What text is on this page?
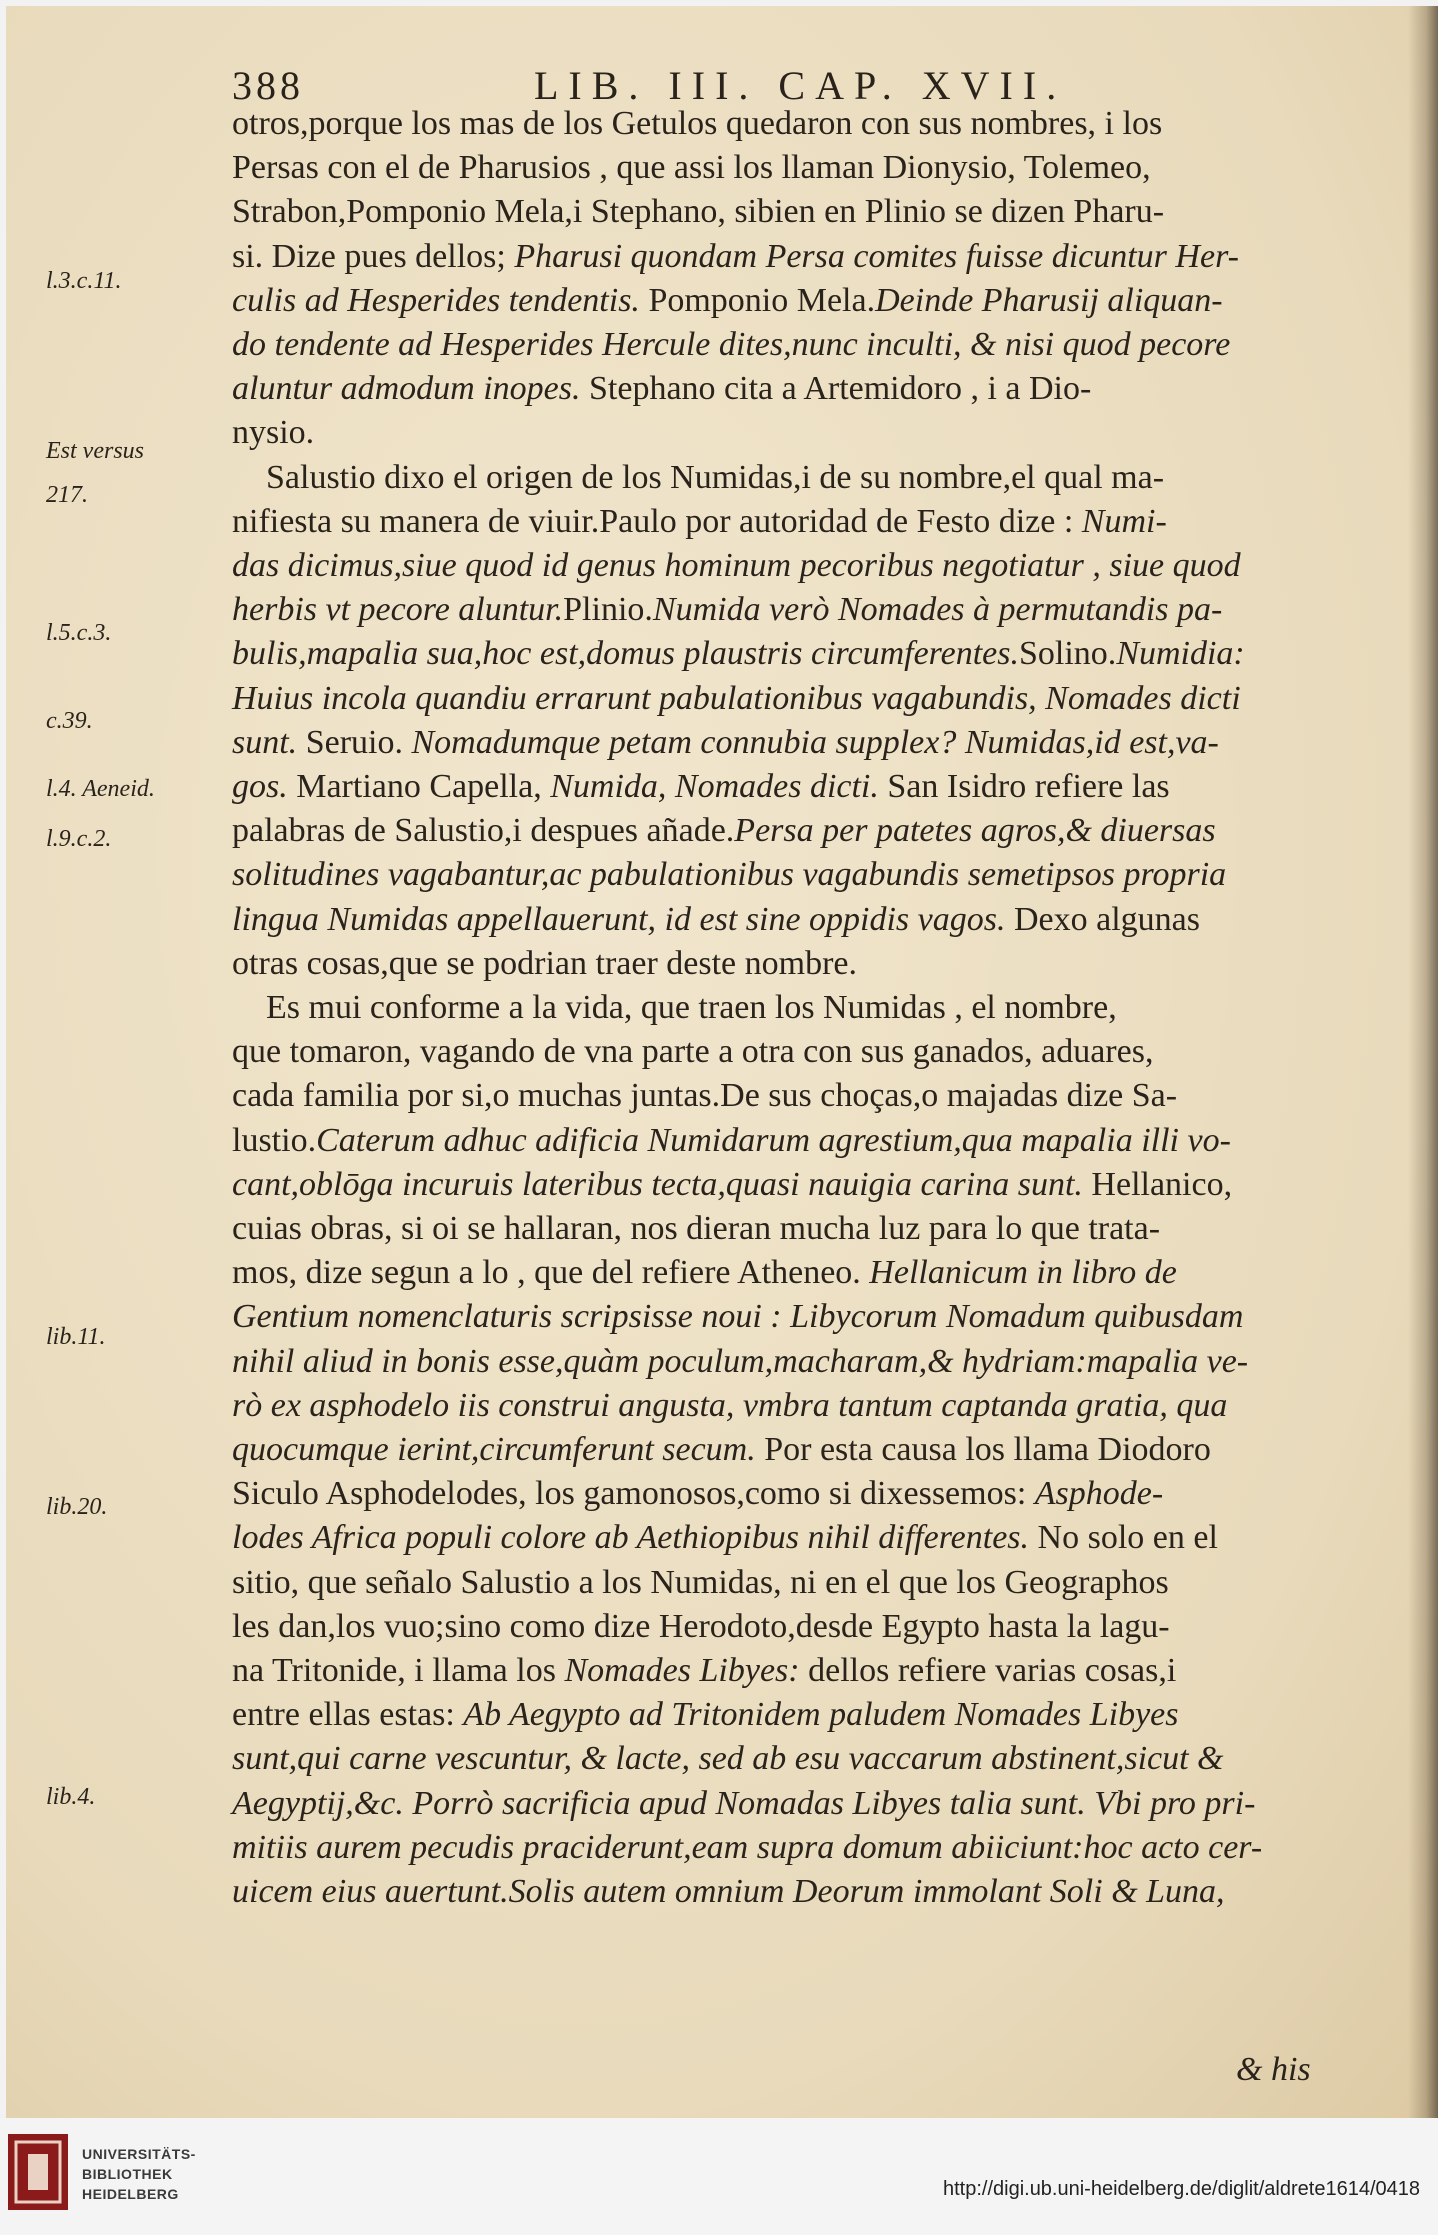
388	LIB. III. CAP. XVII.
l.3.c.11.
Est versus
217.
l.5.c.3.
c.39.
l.4. Aeneid.
l.9.c.2.
lib.11.
lib.20.
lib.4.
otros,porque los mas de los Getulos quedaron con sus nombres, i los
Persas con el de Pharusios , que assi los llaman Dionysio, Tolemeo,
Strabon,Pomponio Mela,i Stephano, sibien en Plinio se dizen Pharu-
si. Dize pues dellos; Pharusi quondam Persa comites fuisse dicuntur Her-
culis ad Hesperides tendentis. Pomponio Mela.Deinde Pharusij aliquan-
do tendente ad Hesperides Hercule dites,nunc inculti, & nisi quod pecore
aluntur admodum inopes. Stephano cita a Artemidoro , i a Dio-
nysio.
Salustio dixo el origen de los Numidas,i de su nombre,el qual ma-
nifiesta su manera de viuir.Paulo por autoridad de Festo dize : Numi-
das dicimus,siue quod id genus hominum pecoribus negotiatur , siue quod
herbis vt pecore aluntur.Plinio.Numida verò Nomades à permutandis pa-
bulis,mapalia sua,hoc est,domus plaustris circumferentes.Solino.Numidia:
Huius incola quandiu errarunt pabulationibus vagabundis, Nomades dicti
sunt. Seruio. Nomadumque petam connubia supplex? Numidas,id est,va-
gos. Martiano Capella, Numida, Nomades dicti. San Isidro refiere las
palabras de Salustio,i despues añade.Persa per patetes agros,& diuersas
solitudines vagabantur,ac pabulationibus vagabundis semetipsos propria
lingua Numidas appellauerunt, id est sine oppidis vagos. Dexo algunas
otras cosas,que se podrian traer deste nombre.
Es mui conforme a la vida, que traen los Numidas , el nombre,
que tomaron, vagando de vna parte a otra con sus ganados, aduares,
cada familia por si,o muchas juntas.De sus choças,o majadas dize Sa-
lustio.Caterum adhuc adificia Numidarum agrestium,qua mapalia illi vo-
cant,oblōga incuruis lateribus tecta,quasi nauigia carina sunt. Hellanico,
cuias obras, si oi se hallaran, nos dieran mucha luz para lo que trata-
mos, dize segun a lo , que del refiere Atheneo. Hellanicum in libro de
Gentium nomenclaturis scripsisse noui : Libycorum Nomadum quibusdam
nihil aliud in bonis esse,quàm poculum,macharam,& hydriam:mapalia ve-
rò ex asphodelo iis construi angusta, vmbra tantum captanda gratia, qua
quocumque ierint,circumferunt secum. Por esta causa los llama Diodoro
Siculo Asphodelodes, los gamonosos,como si dixessemos: Asphode-
lodes Africa populi colore ab Aethiopibus nihil differentes. No solo en el
sitio, que señalo Salustio a los Numidas, ni en el que los Geographos
les dan,los vuo;sino como dize Herodoto,desde Egypto hasta la lagu-
na Tritonide, i llama los Nomades Libyes: dellos refiere varias cosas,i
entre ellas estas: Ab Aegypto ad Tritonidem paludem Nomades Libyes
sunt,qui carne vescuntur, & lacte, sed ab esu vaccarum abstinent,sicut &
Aegyptij,&c. Porrò sacrificia apud Nomadas Libyes talia sunt. Vbi pro pri-
mitiis aurem pecudis praciderunt,eam supra domum abiiciunt:hoc acto cer-
uicem eius auertunt.Solis autem omnium Deorum immolant Soli & Luna,
& his
UNIVERSITÄTS-
BIBLIOTHEK
HEIDELBERG	http://digi.ub.uni-heidelberg.de/diglit/aldrete1614/0418
